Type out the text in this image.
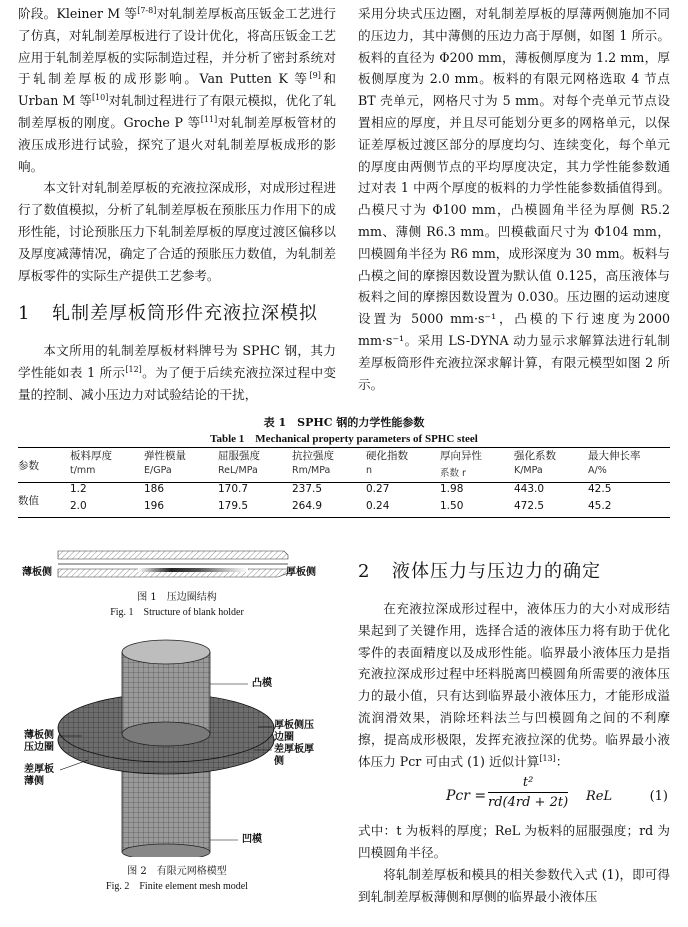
阶段。Kleiner M 等[7-8]对轧制差厚板高压钣金工艺进行了仿真，对轧制差厚板进行了设计优化，将高压钣金工艺应用于轧制差厚板的实际制造过程，并分析了密封系统对于轧制差厚板的成形影响。Van Putten K 等[9]和 Urban M 等[10]对轧制过程进行了有限元模拟，优化了轧制差厚板的刚度。Groche P 等[11]对轧制差厚板管材的液压成形进行试验，探究了退火对轧制差厚板成形的影响。

本文针对轧制差厚板的充液拉深成形，对成形过程进行了数值模拟，分析了轧制差厚板在预胀压力作用下的成形性能，讨论预胀压力下轧制差厚板的厚度过渡区偏移以及厚度减薄情况，确定了合适的预胀压力数值，为轧制差厚板零件的实际生产提供工艺参考。

1 轧制差厚板筒形件充液拉深模拟

本文所用的轧制差厚板材料牌号为 SPHC 钢，其力学性能如表 1 所示[12]。为了便于后续充液拉深过程中变量的控制、减小压边力对试验结论的干扰，

采用分块式压边圈，对轧制差厚板的厚薄两侧施加不同的压边力，其中薄侧的压边力高于厚侧，如图 1 所示。板料的直径为 Φ200 mm，薄板侧厚度为 1.2 mm，厚板侧厚度为 2.0 mm。板料的有限元网格选取 4 节点 BT 壳单元，网格尺寸为 5 mm。对每个壳单元节点设置相应的厚度，并且尽可能划分更多的网格单元，以保证差厚板过渡区部分的厚度均匀、连续变化，每个单元的厚度由两侧节点的平均厚度决定，其力学性能参数通过对表 1 中两个厚度的板料的力学性能参数插值得到。凸模尺寸为 Φ100 mm，凸模圆角半径为厚侧 R5.2 mm、薄侧 R6.3 mm。凹模截面尺寸为 Φ104 mm，凹模圆角半径为 R6 mm，成形深度为 30 mm。板料与凸模之间的摩擦因数设置为默认值 0.125，高压液体与板料之间的摩擦因数设置为 0.030。压边圈的运动速度设置为 5000 mm·s⁻¹，凸模的下行速度为2000 mm·s⁻¹。采用 LS-DYNA 动力显示求解算法进行轧制差厚板筒形件充液拉深求解计算，有限元模型如图 2 所示。

表 1　SPHC 钢的力学性能参数
Table 1　Mechanical property parameters of SPHC steel
参数	板料厚度	弹性模量	屈服强度	抗拉强度	硬化指数	厚向异性	强化系数	最大伸长率
	t/mm	E/GPa	ReL/MPa	Rm/MPa	n	系数 r	K/MPa	A/%
数值	1.2	186	170.7	237.5	0.27	1.98	443.0	42.5
	2.0	196	179.5	264.9	0.24	1.50	472.5	45.2
薄板侧	厚板侧
图 1　压边圈结构
Fig. 1　Structure of blank holder
凸模
厚板侧压边圈
差厚板厚侧
薄板侧压边圈
差厚板薄侧
凹模
图 2　有限元网格模型
Fig. 2　Finite element mesh model

2 液体压力与压边力的确定

在充液拉深成形过程中，液体压力的大小对成形结果起到了关键作用，选择合适的液体压力将有助于优化零件的表面精度以及成形性能。临界最小液体压力是指充液拉深成形过程中坯料脱离凹模圆角所需要的液体压力的最小值，只有达到临界最小液体压力，才能形成溢流润滑效果，消除坯料法兰与凹模圆角之间的不利摩擦，提高成形极限，发挥充液拉深的优势。临界最小液体压力 Pcr 可由式 (1) 近似计算[13]：

Pcr = $\frac{\text{t²}}{rd(4rd + 2t)}$ ReL	(1)

式中：t 为板料的厚度；ReL 为板料的屈服强度；rd 为凹模圆角半径。

将轧制差厚板和模具的相关参数代入式 (1)，即可得到轧制差厚板薄侧和厚侧的临界最小液体压
